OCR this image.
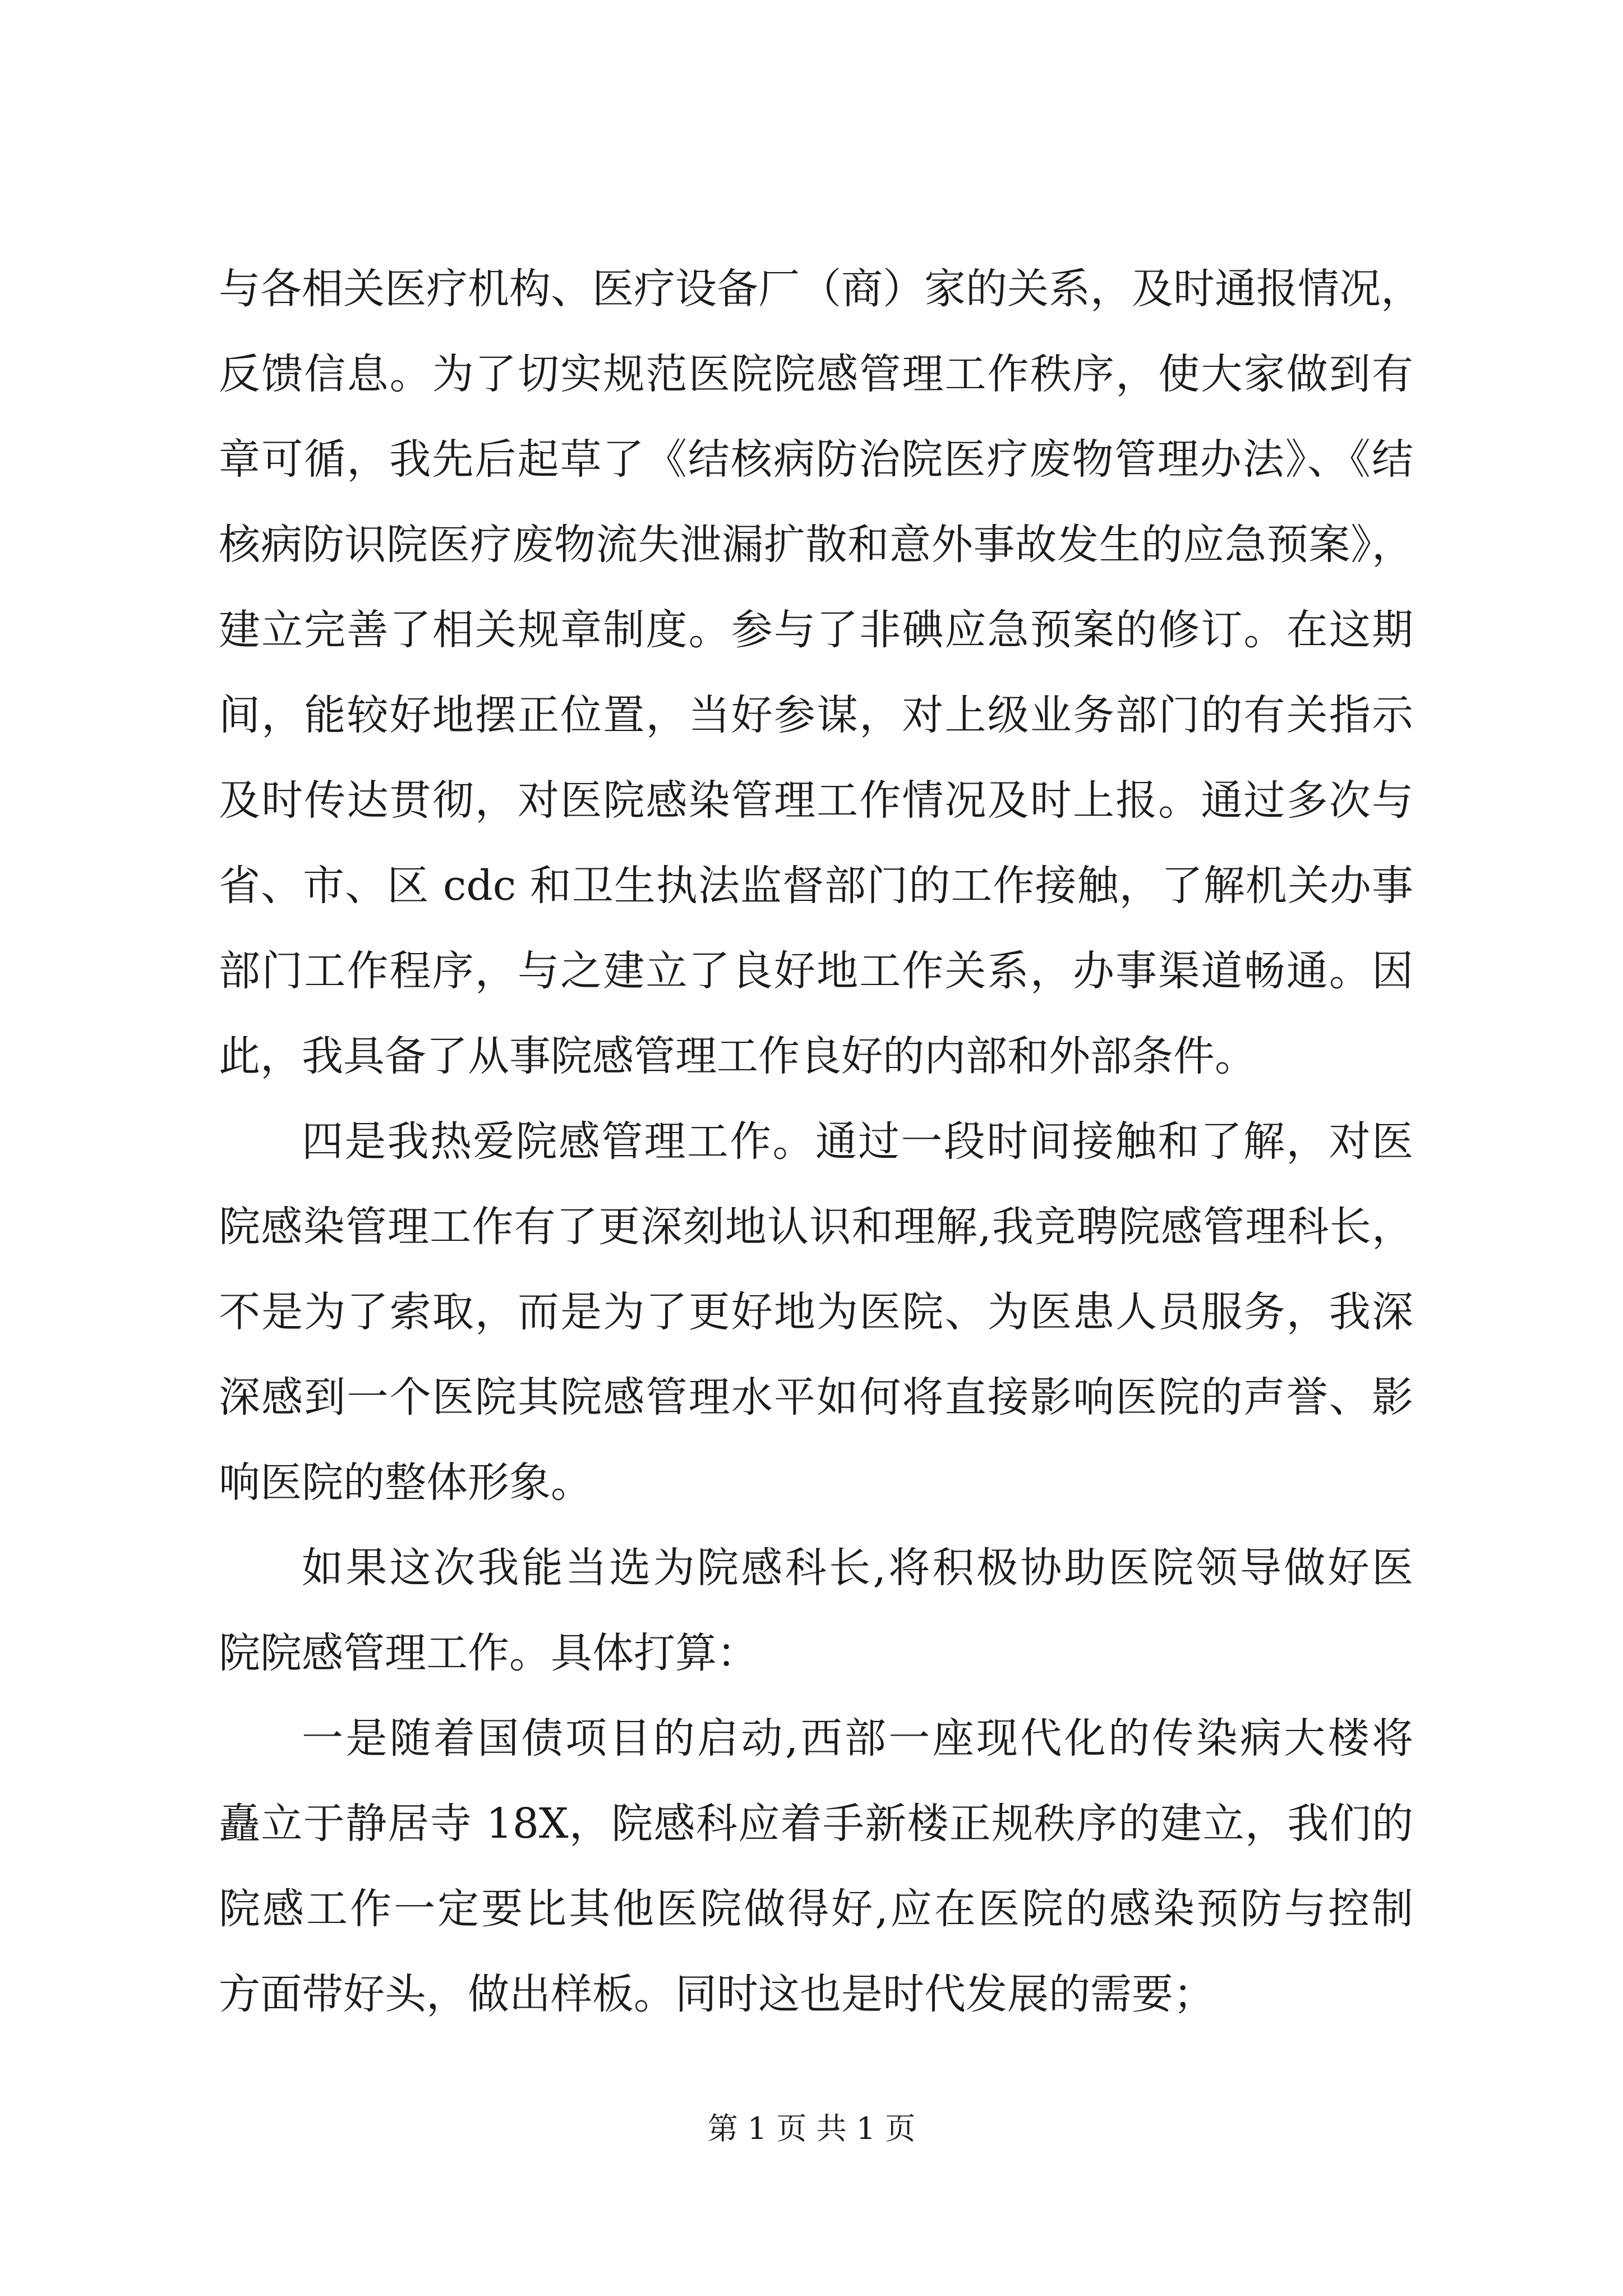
与各相关医疗机构、医疗设备厂（商）家的关系，及时通报情况，
反馈信息。为了切实规范医院院感管理工作秩序，使大家做到有
章可循，我先后起草了《结核病防治院医疗废物管理办法》、《结
核病防识院医疗废物流失泄漏扩散和意外事故发生的应急预案》，
建立完善了相关规章制度。参与了非碘应急预案的修订。在这期
间，能较好地摆正位置，当好参谋，对上级业务部门的有关指示
及时传达贯彻，对医院感染管理工作情况及时上报。通过多次与
省、市、区 cdc 和卫生执法监督部门的工作接触，了解机关办事
部门工作程序，与之建立了良好地工作关系，办事渠道畅通。因
此，我具备了从事院感管理工作良好的内部和外部条件。
四是我热爱院感管理工作。通过一段时间接触和了解，对医
院感染管理工作有了更深刻地认识和理解,我竞聘院感管理科长，
不是为了索取，而是为了更好地为医院、为医患人员服务，我深
深感到一个医院其院感管理水平如何将直接影响医院的声誉、影
响医院的整体形象。
如果这次我能当选为院感科长,将积极协助医院领导做好医
院院感管理工作。具体打算：
一是随着国债项目的启动,西部一座现代化的传染病大楼将
矗立于静居寺 18X，院感科应着手新楼正规秩序的建立，我们的
院感工作一定要比其他医院做得好,应在医院的感染预防与控制
方面带好头，做出样板。同时这也是时代发展的需要；
第 1 页 共 1 页
